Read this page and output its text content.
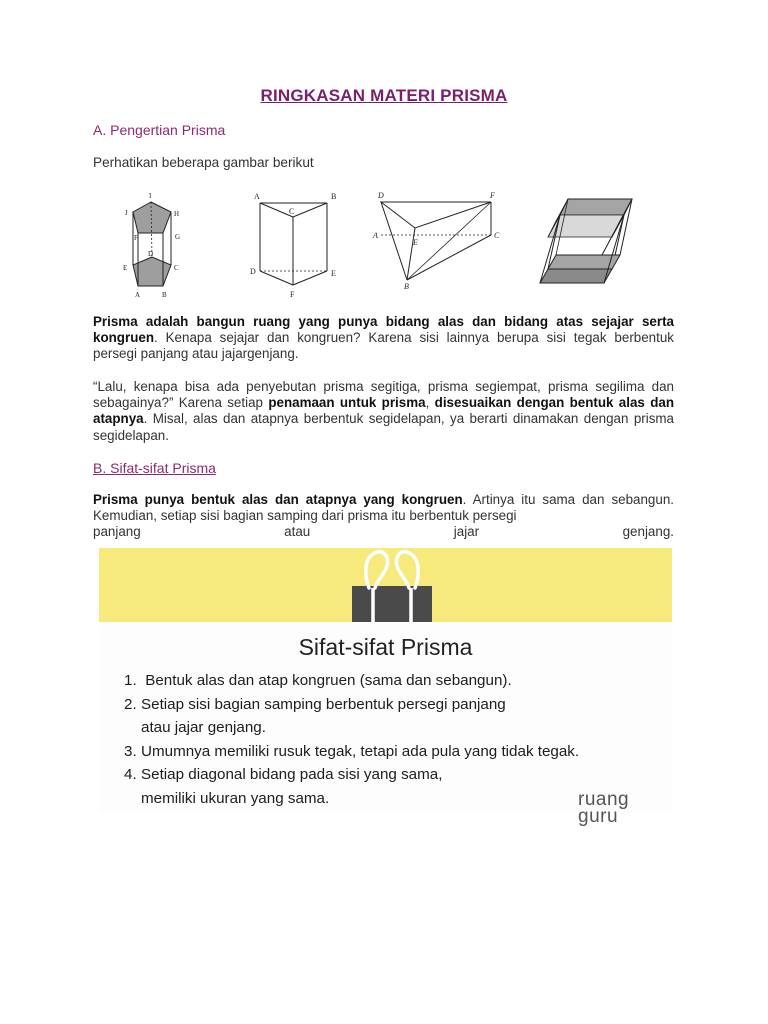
RINGKASAN MATERI PRISMA
A. Pengertian Prisma
Perhatikan beberapa gambar berikut
I
J	H
F	G
D
E	C
A	B
A	B
C
D	E
F
D	F
A	C
E
B
Prisma adalah bangun ruang yang punya bidang alas dan bidang atas sejajar serta kongruen. Kenapa sejajar dan kongruen? Karena sisi lainnya berupa sisi tegak berbentuk persegi panjang atau jajargenjang.
“Lalu, kenapa bisa ada penyebutan prisma segitiga, prisma segiempat, prisma segilima dan sebagainya?” Karena setiap penamaan untuk prisma, disesuaikan dengan bentuk alas dan atapnya. Misal, alas dan atapnya berbentuk segidelapan, ya berarti dinamakan dengan prisma segidelapan.
B. Sifat-sifat Prisma
Prisma punya bentuk alas dan atapnya yang kongruen. Artinya itu sama dan sebangun. Kemudian, setiap sisi bagian samping dari prisma itu berbentuk persegi
panjang atau jajar genjang.
Sifat-sifat Prisma
1. Bentuk alas dan atap kongruen (sama dan sebangun).
2. Setiap sisi bagian samping berbentuk persegi panjang
atau jajar genjang.
3. Umumnya memiliki rusuk tegak, tetapi ada pula yang tidak tegak.
4. Setiap diagonal bidang pada sisi yang sama,
memiliki ukuran yang sama.	ruang
guru
